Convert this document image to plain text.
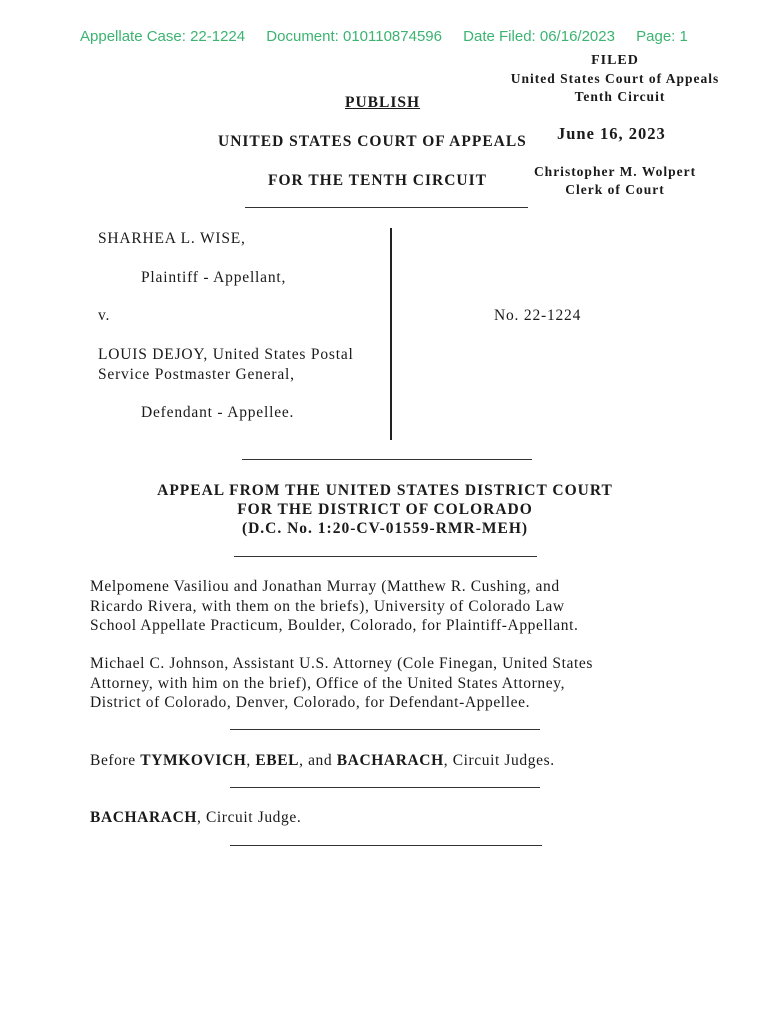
Appellate Case: 22-1224 Document: 010110874596 Date Filed: 06/16/2023 Page: 1
FILED
United States Court of Appeals
Tenth Circuit
June 16, 2023
Christopher M. Wolpert
Clerk of Court
PUBLISH
UNITED STATES COURT OF APPEALS
FOR THE TENTH CIRCUIT
SHARHEA L. WISE,
Plaintiff - Appellant,
v.
LOUIS DEJOY, United States Postal
Service Postmaster General,
Defendant - Appellee.
No. 22-1224
APPEAL FROM THE UNITED STATES DISTRICT COURT
FOR THE DISTRICT OF COLORADO
(D.C. No. 1:20-CV-01559-RMR-MEH)
Melpomene Vasiliou and Jonathan Murray (Matthew R. Cushing, and
Ricardo Rivera, with them on the briefs), University of Colorado Law
School Appellate Practicum, Boulder, Colorado, for Plaintiff-Appellant.
Michael C. Johnson, Assistant U.S. Attorney (Cole Finegan, United States
Attorney, with him on the brief), Office of the United States Attorney,
District of Colorado, Denver, Colorado, for Defendant-Appellee.
Before TYMKOVICH, EBEL, and BACHARACH, Circuit Judges.
BACHARACH, Circuit Judge.
